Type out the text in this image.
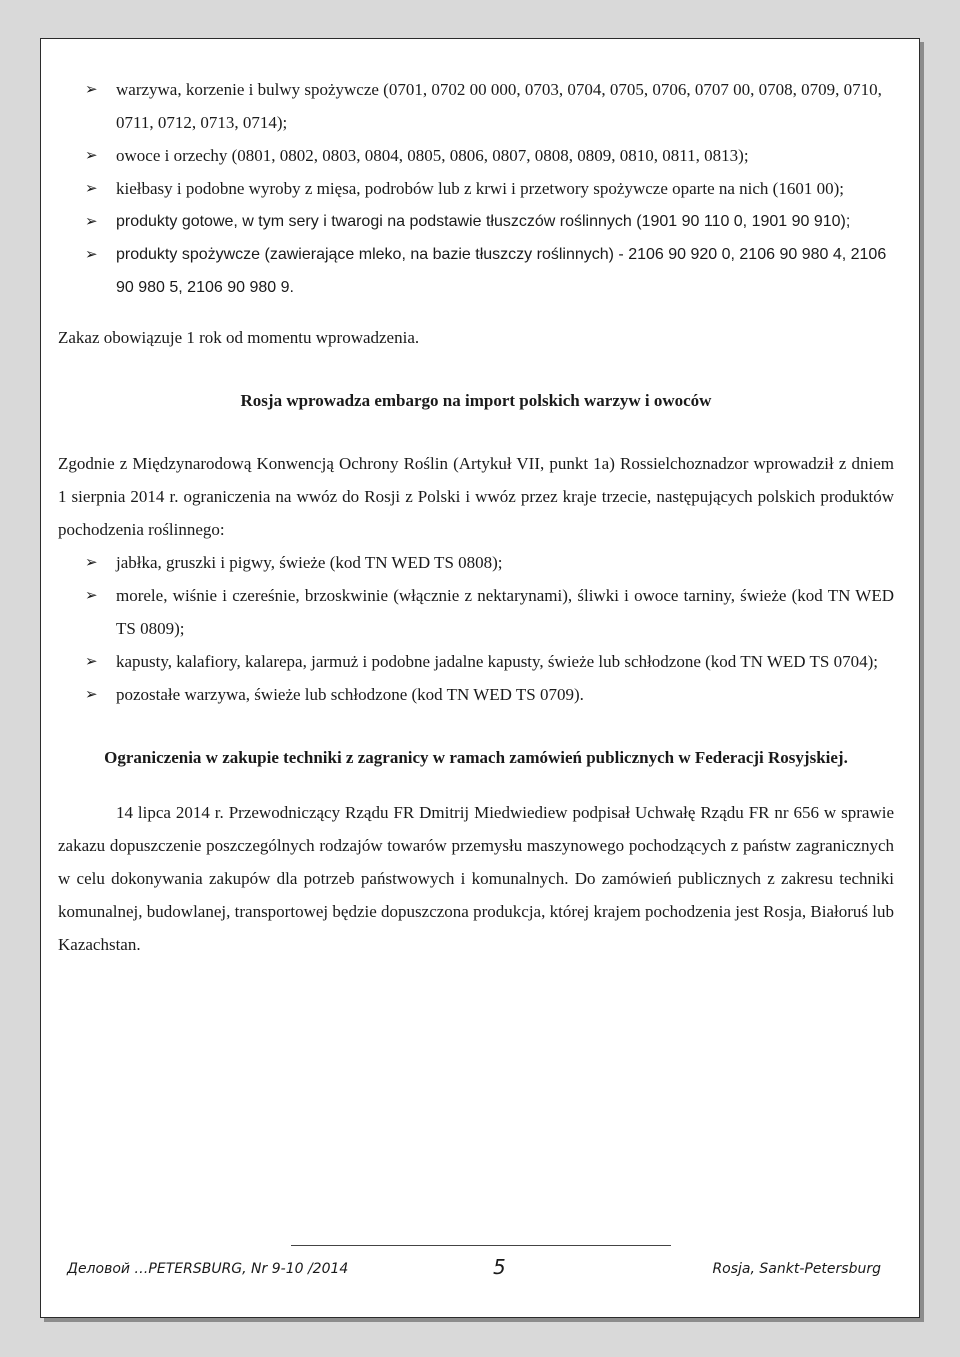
➢ warzywa, korzenie i bulwy spożywcze (0701, 0702 00 000, 0703, 0704, 0705, 0706, 0707 00, 0708, 0709, 0710, 0711, 0712, 0713, 0714);
➢ owoce i orzechy (0801, 0802, 0803, 0804, 0805, 0806, 0807, 0808, 0809, 0810, 0811, 0813);
➢ kiełbasy i podobne wyroby z mięsa, podrobów lub z krwi i przetwory spożywcze oparte na nich (1601 00);
➢ produkty gotowe, w tym sery i twarogi na podstawie tłuszczów roślinnych (1901 90 110 0, 1901 90 910);
➢ produkty spożywcze (zawierające mleko, na bazie tłuszczy roślinnych) - 2106 90 920 0, 2106 90 980 4, 2106 90 980 5, 2106 90 980 9.

Zakaz obowiązuje 1 rok od momentu wprowadzenia.

Rosja wprowadza embargo na import polskich warzyw i owoców

Zgodnie z Międzynarodową Konwencją Ochrony Roślin (Artykuł VII, punkt 1a) Rossielchoznadzor wprowadził z dniem 1 sierpnia 2014 r. ograniczenia na wwóz do Rosji z Polski i wwóz przez kraje trzecie, następujących polskich produktów pochodzenia roślinnego:

➢ jabłka, gruszki i pigwy, świeże (kod TN WED TS 0808);
➢ morele, wiśnie i czereśnie, brzoskwinie (włącznie z nektarynami), śliwki i owoce tarniny, świeże (kod TN WED TS 0809);
➢ kapusty, kalafiory, kalarepa, jarmuż i podobne jadalne kapusty, świeże lub schłodzone (kod TN WED TS 0704);
➢ pozostałe warzywa, świeże lub schłodzone (kod TN WED TS 0709).

Ograniczenia w zakupie techniki z zagranicy w ramach zamówień publicznych w Federacji Rosyjskiej.

14 lipca 2014 r. Przewodniczący Rządu FR Dmitrij Miedwiediew podpisał Uchwałę Rządu FR nr 656 w sprawie zakazu dopuszczenie poszczególnych rodzajów towarów przemysłu maszynowego pochodzących z państw zagranicznych w celu dokonywania zakupów dla potrzeb państwowych i komunalnych. Do zamówień publicznych z zakresu techniki komunalnej, budowlanej, transportowej będzie dopuszczona produkcja, której krajem pochodzenia jest Rosja, Białoruś lub Kazachstan.

Деловой …PETERSBURG, Nr 9-10 /2014	5	Rosja, Sankt-Petersburg
